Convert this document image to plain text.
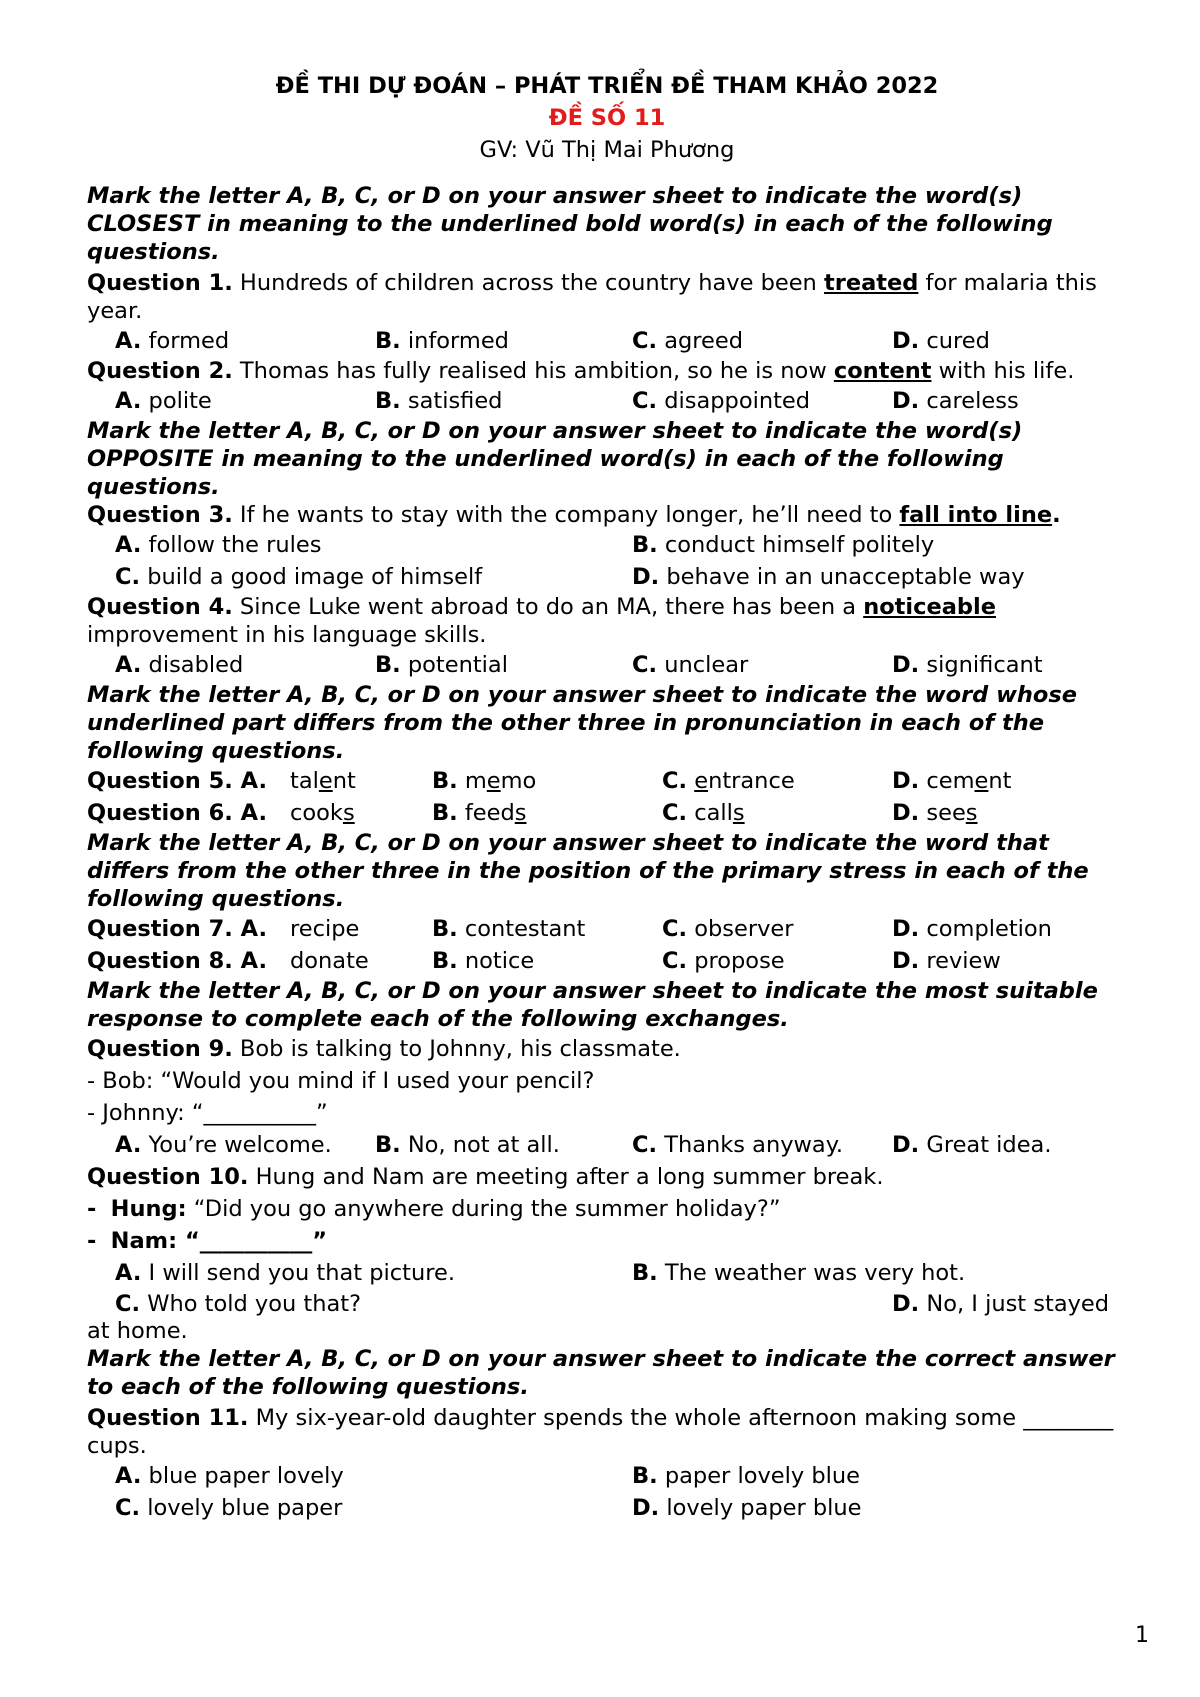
ĐỀ THI DỰ ĐOÁN – PHÁT TRIỂN ĐỀ THAM KHẢO 2022
ĐỀ SỐ 11
GV: Vũ Thị Mai Phương
Mark the letter A, B, C, or D on your answer sheet to indicate the word(s) CLOSEST in meaning to the underlined bold word(s) in each of the following questions.
Question 1. Hundreds of children across the country have been treated for malaria this year.
A. formed	B. informed	C. agreed	D. cured
Question 2. Thomas has fully realised his ambition, so he is now content with his life.
A. polite	B. satisfied	C. disappointed	D. careless
Mark the letter A, B, C, or D on your answer sheet to indicate the word(s) OPPOSITE in meaning to the underlined word(s) in each of the following questions.
Question 3. If he wants to stay with the company longer, he’ll need to fall into line.
A. follow the rules	B. conduct himself politely
C. build a good image of himself	D. behave in an unacceptable way
Question 4. Since Luke went abroad to do an MA, there has been a noticeable improvement in his language skills.
A. disabled	B. potential	C. unclear	D. significant
Mark the letter A, B, C, or D on your answer sheet to indicate the word whose underlined part differs from the other three in pronunciation in each of the following questions.
Question 5. A. talent	B. memo	C. entrance	D. cement
Question 6. A. cooks	B. feeds	C. calls	D. sees
Mark the letter A, B, C, or D on your answer sheet to indicate the word that differs from the other three in the position of the primary stress in each of the following questions.
Question 7. A. recipe	B. contestant	C. observer	D. completion
Question 8. A. donate	B. notice	C. propose	D. review
Mark the letter A, B, C, or D on your answer sheet to indicate the most suitable response to complete each of the following exchanges.
Question 9. Bob is talking to Johnny, his classmate.
- Bob: “Would you mind if I used your pencil?
- Johnny: “__________”
A. You’re welcome. B. No, not at all.	C. Thanks anyway. D. Great idea.
Question 10. Hung and Nam are meeting after a long summer break.
- Hung: “Did you go anywhere during the summer holiday?”
- Nam: “__________”
A. I will send you that picture.	B. The weather was very hot.
C. Who told you that?	D. No, I just stayed
at home.
Mark the letter A, B, C, or D on your answer sheet to indicate the correct answer to each of the following questions.
Question 11. My six-year-old daughter spends the whole afternoon making some ________ cups.
A. blue paper lovely	B. paper lovely blue
C. lovely blue paper	D. lovely paper blue
1
